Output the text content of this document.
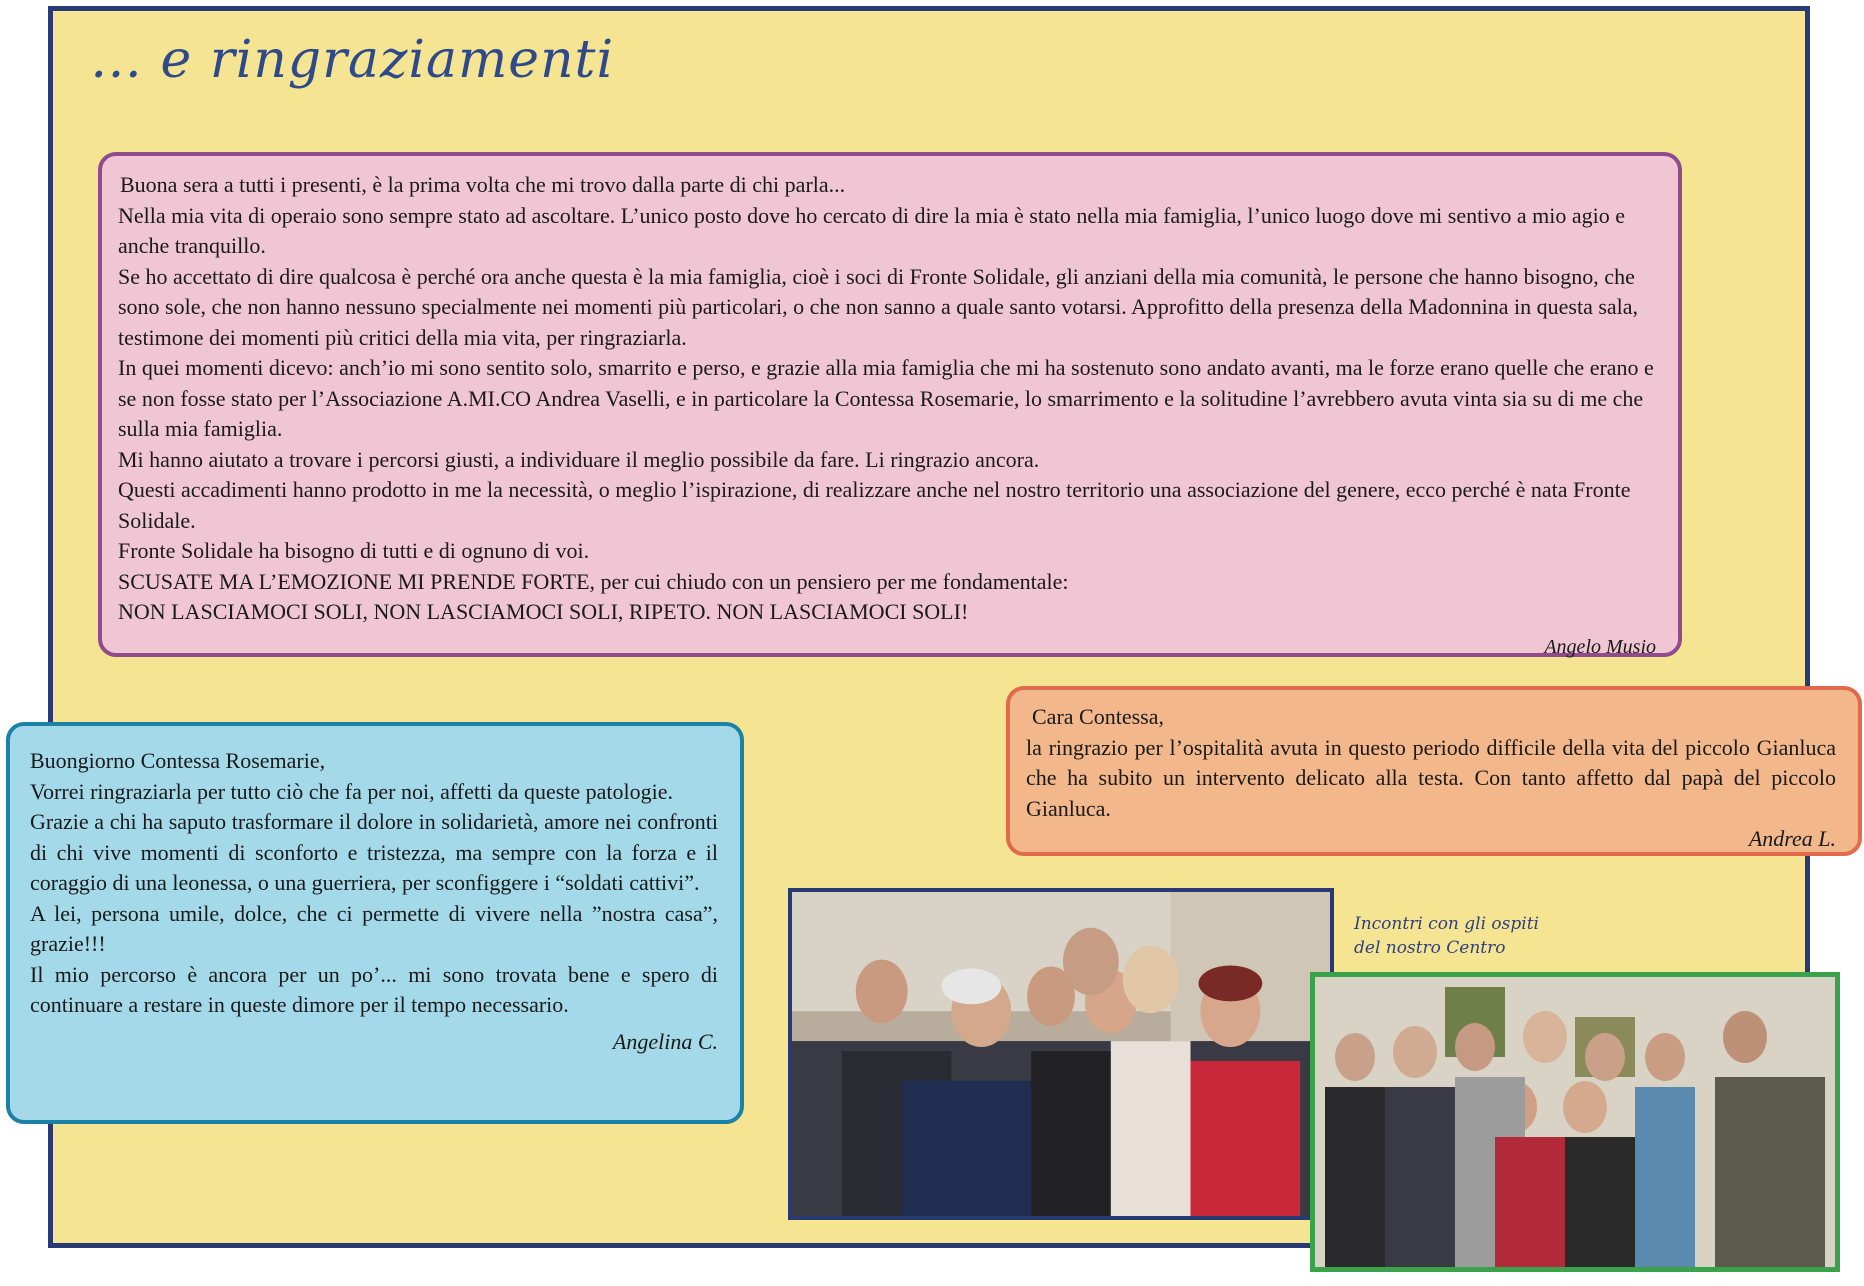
… e ringraziamenti

Buona sera a tutti i presenti, è la prima volta che mi trovo dalla parte di chi parla...

Nella mia vita di operaio sono sempre stato ad ascoltare. L’unico posto dove ho cercato di dire la mia è stato nella mia famiglia, l’unico luogo dove mi sentivo a mio agio e anche tranquillo.

Se ho accettato di dire qualcosa è perché ora anche questa è la mia famiglia, cioè i soci di Fronte Solidale, gli anziani della mia comunità, le persone che hanno bisogno, che sono sole, che non hanno nessuno specialmente nei momenti più particolari, o che non sanno a quale santo votarsi. Approfitto della presenza della Madonnina in questa sala, testimone dei momenti più critici della mia vita, per ringraziarla.

In quei momenti dicevo: anch’io mi sono sentito solo, smarrito e perso, e grazie alla mia famiglia che mi ha sostenuto sono andato avanti, ma le forze erano quelle che erano e se non fosse stato per l’Associazione A.MI.CO Andrea Vaselli, e in particolare la Contessa Rosemarie, lo smarrimento e la solitudine l’avrebbero avuta vinta sia su di me che sulla mia famiglia.

Mi hanno aiutato a trovare i percorsi giusti, a individuare il meglio possibile da fare. Li ringrazio ancora.

Questi accadimenti hanno prodotto in me la necessità, o meglio l’ispirazione, di realizzare anche nel nostro territorio una associazione del genere, ecco perché è nata Fronte Solidale.

Fronte Solidale ha bisogno di tutti e di ognuno di voi.

SCUSATE MA L’EMOZIONE MI PRENDE FORTE, per cui chiudo con un pensiero per me fondamentale:

NON LASCIAMOCI SOLI, NON LASCIAMOCI SOLI, RIPETO. NON LASCIAMOCI SOLI!

Angelo Musio

Cara Contessa,

la ringrazio per l’ospitalità avuta in questo periodo difficile della vita del piccolo Gianluca che ha subito un intervento delicato alla testa. Con tanto affetto dal papà del piccolo Gianluca.

Andrea L.

Buongiorno Contessa Rosemarie,

Vorrei ringraziarla per tutto ciò che fa per noi, affetti da queste patologie.

Grazie a chi ha saputo trasformare il dolore in solidarietà, amore nei confronti di chi vive momenti di sconforto e tristezza, ma sempre con la forza e il coraggio di una leonessa, o una guerriera, per sconfiggere i “soldati cattivi”.

A lei, persona umile, dolce, che ci permette di vivere nella ”nostra casa”, grazie!!!

Il mio percorso è ancora per un po’... mi sono trovata bene e spero di continuare a restare in queste dimore per il tempo necessario.

Angelina C.

Incontri con gli ospiti
del nostro Centro
